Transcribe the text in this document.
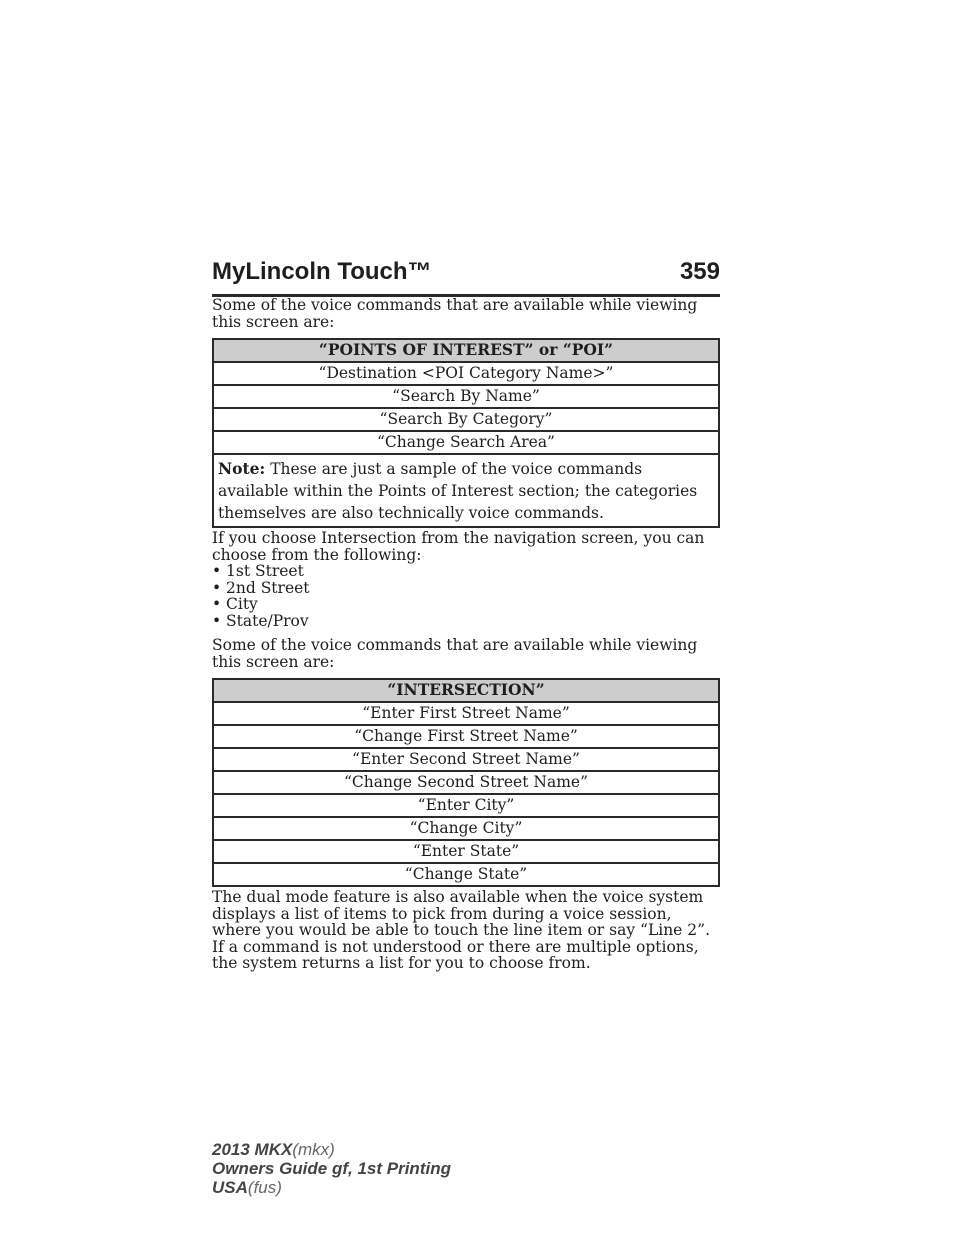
MyLincoln Touch™	359

Some of the voice commands that are available while viewing this screen are:

“POINTS OF INTEREST” or “POI”
“Destination <POI Category Name>”
“Search By Name”
“Search By Category”
“Change Search Area”
Note: These are just a sample of the voice commands available within the Points of Interest section; the categories themselves are also technically voice commands.

If you choose Intersection from the navigation screen, you can choose from the following:

• 1st Street
• 2nd Street
• City
• State/Prov

Some of the voice commands that are available while viewing this screen are:

“INTERSECTION”
“Enter First Street Name”
“Change First Street Name”
“Enter Second Street Name”
“Change Second Street Name”
“Enter City”
“Change City”
“Enter State”
“Change State”

The dual mode feature is also available when the voice system displays a list of items to pick from during a voice session, where you would be able to touch the line item or say “Line 2”. If a command is not understood or there are multiple options, the system returns a list for you to choose from.

2013 MKX(mkx)
Owners Guide gf, 1st Printing
USA(fus)
